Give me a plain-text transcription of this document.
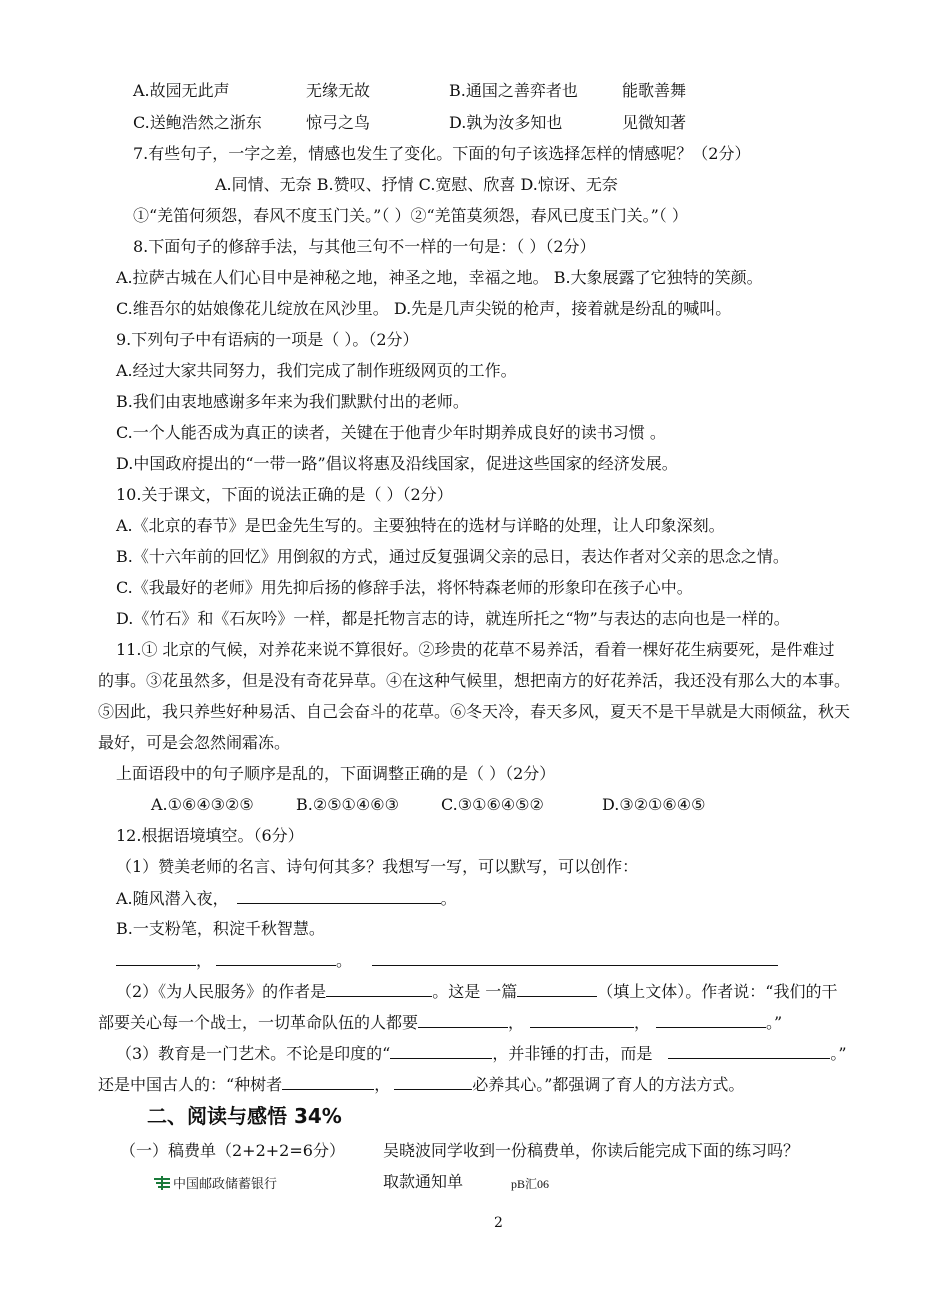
A.故园无此声	无缘无故	B.通国之善弈者也	能歌善舞
C.送鲍浩然之浙东	惊弓之鸟	D.孰为汝多知也	见微知著
7.有些句子，一字之差，情感也发生了变化。下面的句子该选择怎样的情感呢？（2分）
A.同情、无奈 B.赞叹、抒情 C.宽慰、欣喜 D.惊讶、无奈
①“羌笛何须怨，春风不度玉门关。”（ ）②“羌笛莫须怨，春风已度玉门关。”（ ）
8.下面句子的修辞手法，与其他三句不一样的一句是：（ ）（2分）
A.拉萨古城在人们心目中是神秘之地，神圣之地，幸福之地。 B.大象展露了它独特的笑颜。
C.维吾尔的姑娘像花儿绽放在风沙里。 D.先是几声尖锐的枪声，接着就是纷乱的喊叫。
9.下列句子中有语病的一项是（ ）。（2分）
A.经过大家共同努力，我们完成了制作班级网页的工作。
B.我们由衷地感谢多年来为我们默默付出的老师。
C.一个人能否成为真正的读者，关键在于他青少年时期养成良好的读书习惯 。
D.中国政府提出的“一带一路”倡议将惠及沿线国家，促进这些国家的经济发展。
10.关于课文，下面的说法正确的是（ ）（2分）
A.《北京的春节》是巴金先生写的。主要独特在的选材与详略的处理，让人印象深刻。
B.《十六年前的回忆》用倒叙的方式，通过反复强调父亲的忌日，表达作者对父亲的思念之情。
C.《我最好的老师》用先抑后扬的修辞手法，将怀特森老师的形象印在孩子心中。
D.《竹石》和《石灰吟》一样，都是托物言志的诗，就连所托之“物”与表达的志向也是一样的。
11.① 北京的气候，对养花来说不算很好。②珍贵的花草不易养活，看着一棵好花生病要死，是件难过
的事。③花虽然多，但是没有奇花异草。④在这种气候里，想把南方的好花养活，我还没有那么大的本事。
⑤因此，我只养些好种易活、自己会奋斗的花草。⑥冬天冷，春天多风，夏天不是干旱就是大雨倾盆，秋天
最好，可是会忽然闹霜冻。
上面语段中的句子顺序是乱的，下面调整正确的是（ ）（2分）
A.①⑥④③②⑤	B.②⑤①④⑥③	C.③①⑥④⑤②	D.③②①⑥④⑤
12.根据语境填空。（6分）
（1）赞美老师的名言、诗句何其多？我想写一写，可以默写，可以创作：
A.随风潜入夜，	。
B.一支粉笔，积淀千秋智慧。
，	。
（2）《为人民服务》的作者是	。这是 一篇	（填上文体）。作者说：“我们的干
部要关心每一个战士，一切革命队伍的人都要	，	，	。”
（3）教育是一门艺术。不论是印度的“	，并非锤的打击，而是	。”
还是中国古人的：“种树者	，	必养其心。”都强调了育人的方法方式。
二、阅读与感悟 34%
（一）稿费单（2+2+2=6分） 吴晓波同学收到一份稿费单，你读后能完成下面的练习吗？
中国邮政储蓄银行	取款通知单	pB汇06
2
